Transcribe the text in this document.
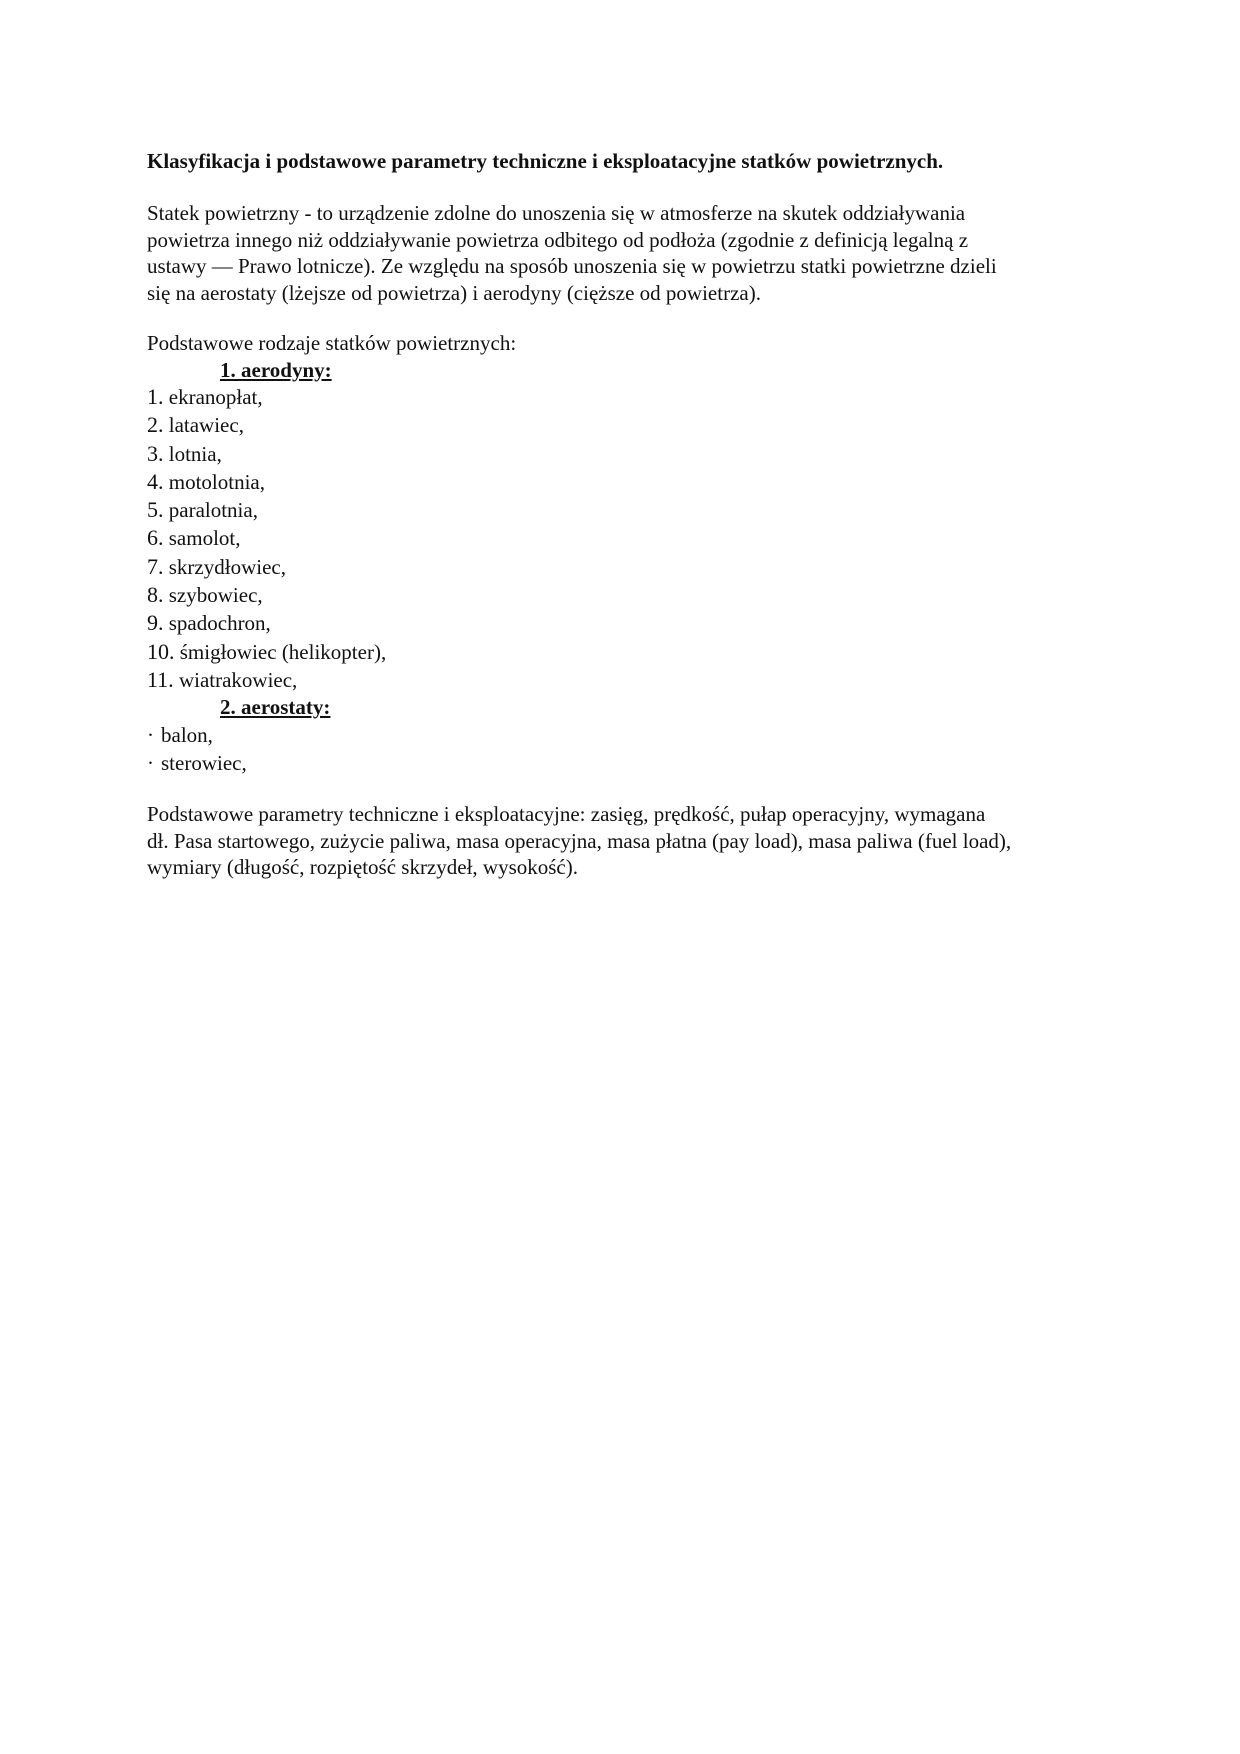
Klasyfikacja i podstawowe parametry techniczne i eksploatacyjne statków powietrznych.
Statek powietrzny - to urządzenie zdolne do unoszenia się w atmosferze na skutek oddziaływania
powietrza innego niż oddziaływanie powietrza odbitego od podłoża (zgodnie z definicją legalną z
ustawy — Prawo lotnicze). Ze względu na sposób unoszenia się w powietrzu statki powietrzne dzieli
się na aerostaty (lżejsze od powietrza) i aerodyny (cięższe od powietrza).
Podstawowe rodzaje statków powietrznych:
1. aerodyny:
1. ekranopłat,
2. latawiec,
3. lotnia,
4. motolotnia,
5. paralotnia,
6. samolot,
7. skrzydłowiec,
8. szybowiec,
9. spadochron,
10. śmigłowiec (helikopter),
11. wiatrakowiec,
2. aerostaty:
· balon,
· sterowiec,
Podstawowe parametry techniczne i eksploatacyjne: zasięg, prędkość, pułap operacyjny, wymagana
dł. Pasa startowego, zużycie paliwa, masa operacyjna, masa płatna (pay load), masa paliwa (fuel load),
wymiary (długość, rozpiętość skrzydeł, wysokość).
